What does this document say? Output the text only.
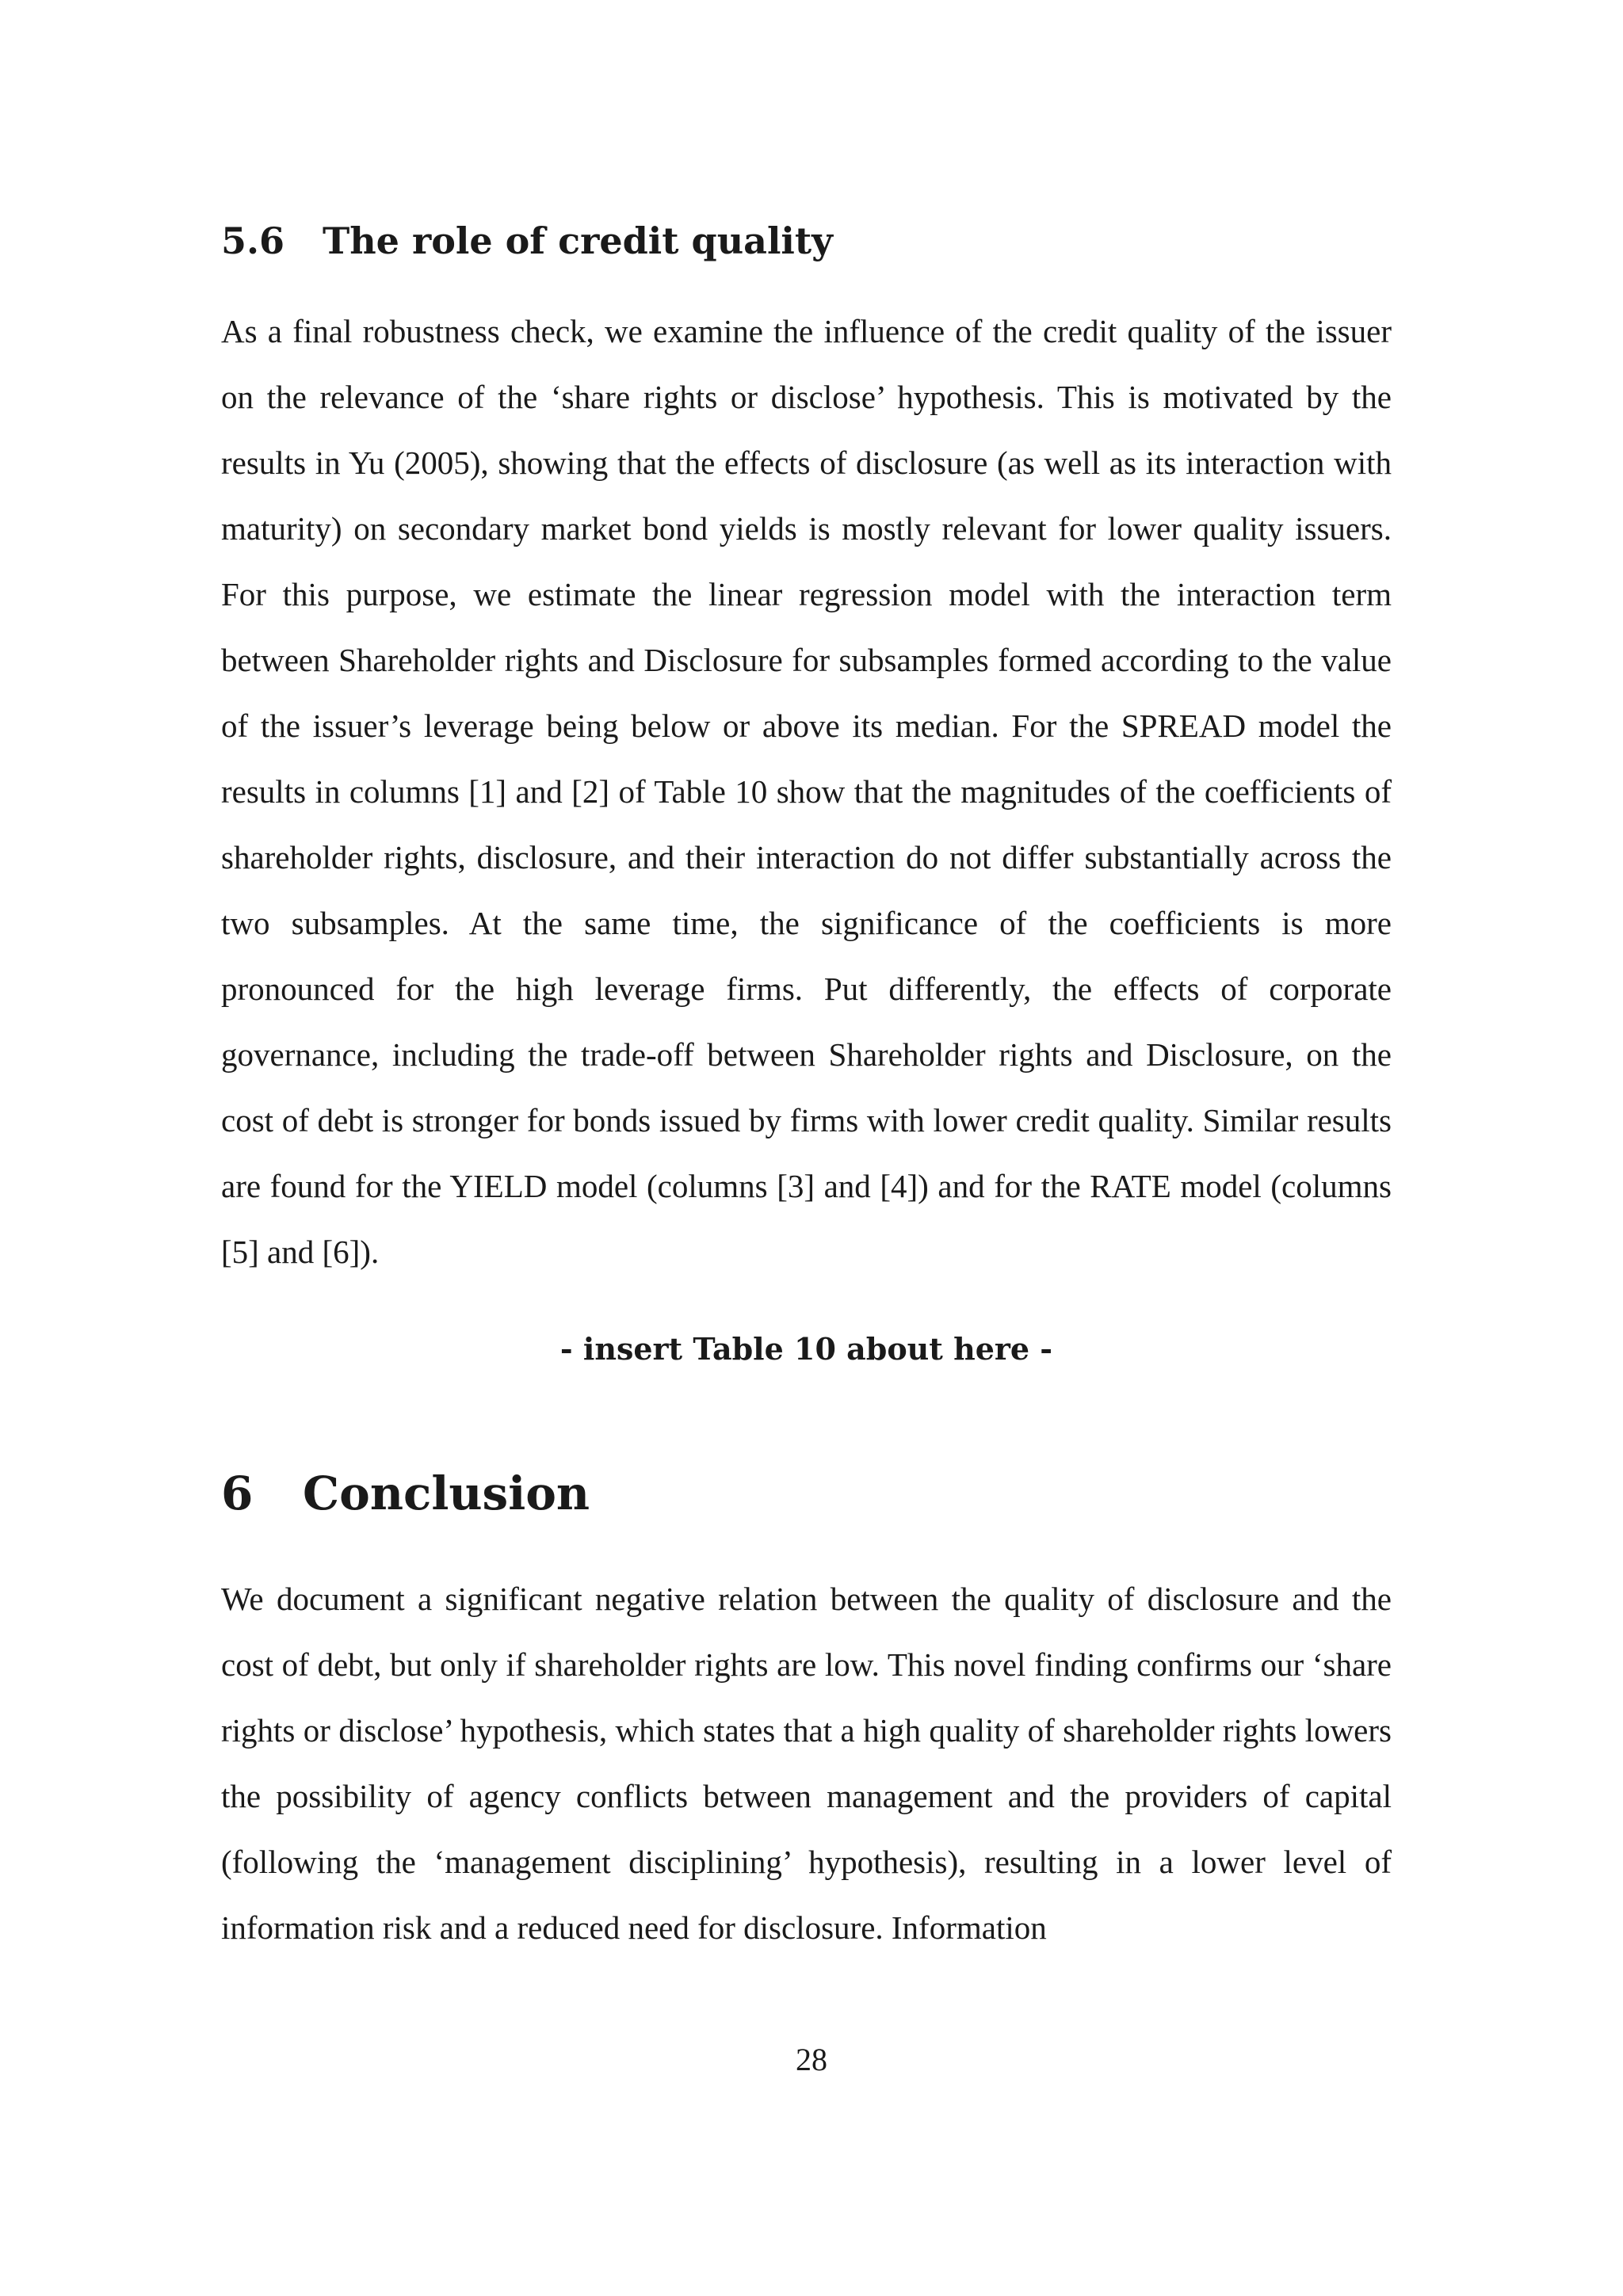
5.6 The role of credit quality

As a final robustness check, we examine the influence of the credit quality of the issuer on the relevance of the ‘share rights or disclose’ hypothesis. This is motivated by the results in Yu (2005), showing that the effects of disclosure (as well as its interaction with maturity) on secondary market bond yields is mostly relevant for lower quality issuers. For this purpose, we estimate the linear regression model with the interaction term between Shareholder rights and Disclosure for subsamples formed according to the value of the issuer’s leverage being below or above its median. For the SPREAD model the results in columns [1] and [2] of Table 10 show that the magnitudes of the coefficients of shareholder rights, disclosure, and their interaction do not differ substantially across the two subsamples. At the same time, the significance of the coefficients is more pronounced for the high leverage firms. Put differently, the effects of corporate governance, including the trade-off between Shareholder rights and Disclosure, on the cost of debt is stronger for bonds issued by firms with lower credit quality. Similar results are found for the YIELD model (columns [3] and [4]) and for the RATE model (columns [5] and [6]).

- insert Table 10 about here -

6 Conclusion

We document a significant negative relation between the quality of disclosure and the cost of debt, but only if shareholder rights are low. This novel finding confirms our ‘share rights or disclose’ hypothesis, which states that a high quality of shareholder rights lowers the possibility of agency conflicts between management and the providers of capital (following the ‘management disciplining’ hypothesis), resulting in a lower level of information risk and a reduced need for disclosure. Information

28
